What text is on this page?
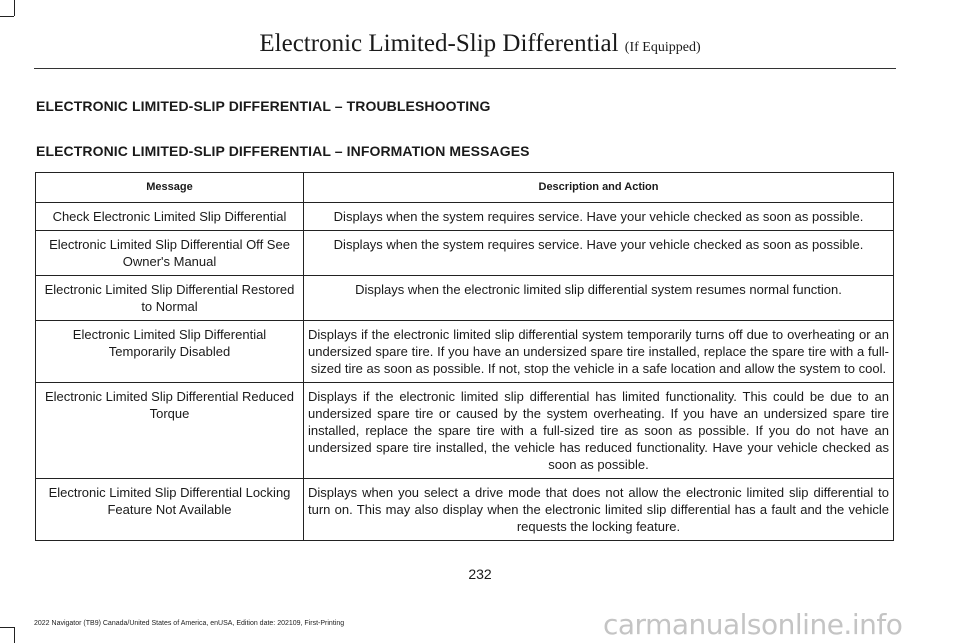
Electronic Limited-Slip Differential (If Equipped)
ELECTRONIC LIMITED-SLIP DIFFERENTIAL – TROUBLESHOOTING
ELECTRONIC LIMITED-SLIP DIFFERENTIAL – INFORMATION MESSAGES
Message	Description and Action
Check Electronic Limited Slip Differential	Displays when the system requires service. Have your vehicle checked as soon as possible.
Electronic Limited Slip Differential Off See Owner's Manual	Displays when the system requires service. Have your vehicle checked as soon as possible.
Electronic Limited Slip Differential Restored to Normal	Displays when the electronic limited slip differential system resumes normal function.
Electronic Limited Slip Differential Temporarily Disabled	Displays if the electronic limited slip differential system temporarily turns off due to overheating or an undersized spare tire. If you have an undersized spare tire installed, replace the spare tire with a full-sized tire as soon as possible. If not, stop the vehicle in a safe location and allow the system to cool.
Electronic Limited Slip Differential Reduced Torque	Displays if the electronic limited slip differential has limited functionality. This could be due to an undersized spare tire or caused by the system overheating. If you have an undersized spare tire installed, replace the spare tire with a full-sized tire as soon as possible. If you do not have an undersized spare tire installed, the vehicle has reduced functionality. Have your vehicle checked as soon as possible.
Electronic Limited Slip Differential Locking Feature Not Available	Displays when you select a drive mode that does not allow the electronic limited slip differential to turn on. This may also display when the electronic limited slip differential has a fault and the vehicle requests the locking feature.
232
2022 Navigator (TB9) Canada/United States of America, enUSA, Edition date: 202109, First-Printing	carmanualsonline.info
